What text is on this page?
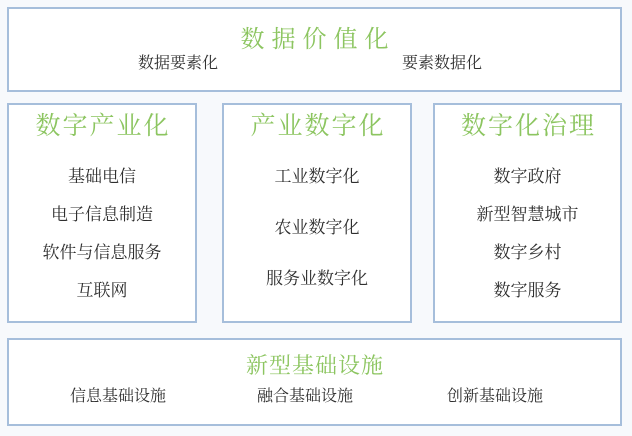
数据价值化
数据要素化	要素数据化
数字产业化
基础电信
电子信息制造
软件与信息服务
互联网
产业数字化
工业数字化
农业数字化
服务业数字化
数字化治理
数字政府
新型智慧城市
数字乡村
数字服务
新型基础设施
信息基础设施	融合基础设施	创新基础设施
